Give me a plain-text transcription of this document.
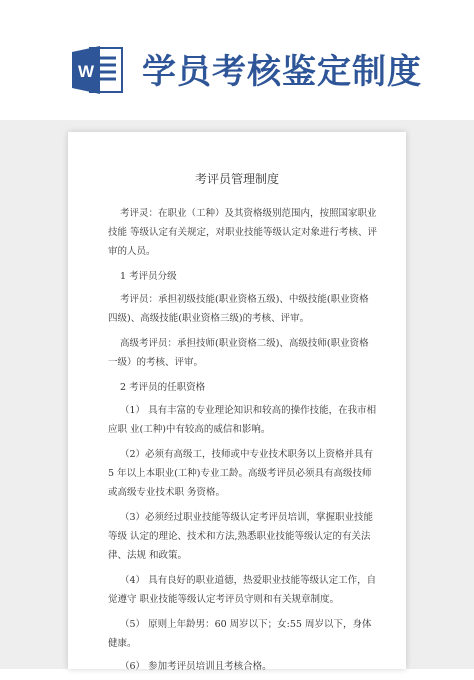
W 学员考核鉴定制度
考评员管理制度

考评灵：在职业（工种）及其资格级别范围内，按照国家职业技能 等级认定有关规定，对职业技能等级认定对象进行考核、评审的人员。

1 考评员分级

考评员：承担初级技能(职业资格五级)、中级技能(职业资格四级)、高级技能(职业资格三级)的考核、评审。

高级考评员：承担技师(职业资格二级)、高级技师(职业资格一级）的考核、评审。

2 考评员的任职资格

（1） 具有丰富的专业理论知识和较高的操作技能，在我市相应职 业(工种)中有较高的威信和影响。

（2）必须有高级工，技师或中专业技术职务以上资格并具有 5 年以上本职业(工种)专业工龄。高级考评员必须具有高级技师或高级专业技术职 务资格。

（3）必须经过职业技能等级认定考评员培训，掌握职业技能等级 认定的理论、技术和方法,熟悉职业技能等级认定的有关法律、法规 和政策。

（4） 具有良好的职业道德，热爱职业技能等级认定工作，自觉遵守 职业技能等级认定考评员守则和有关规章制度。

（5） 原则上年龄男：60 周岁以下；女:55 周岁以下，身体健康。

（6） 参加考评员培训且考核合格。
